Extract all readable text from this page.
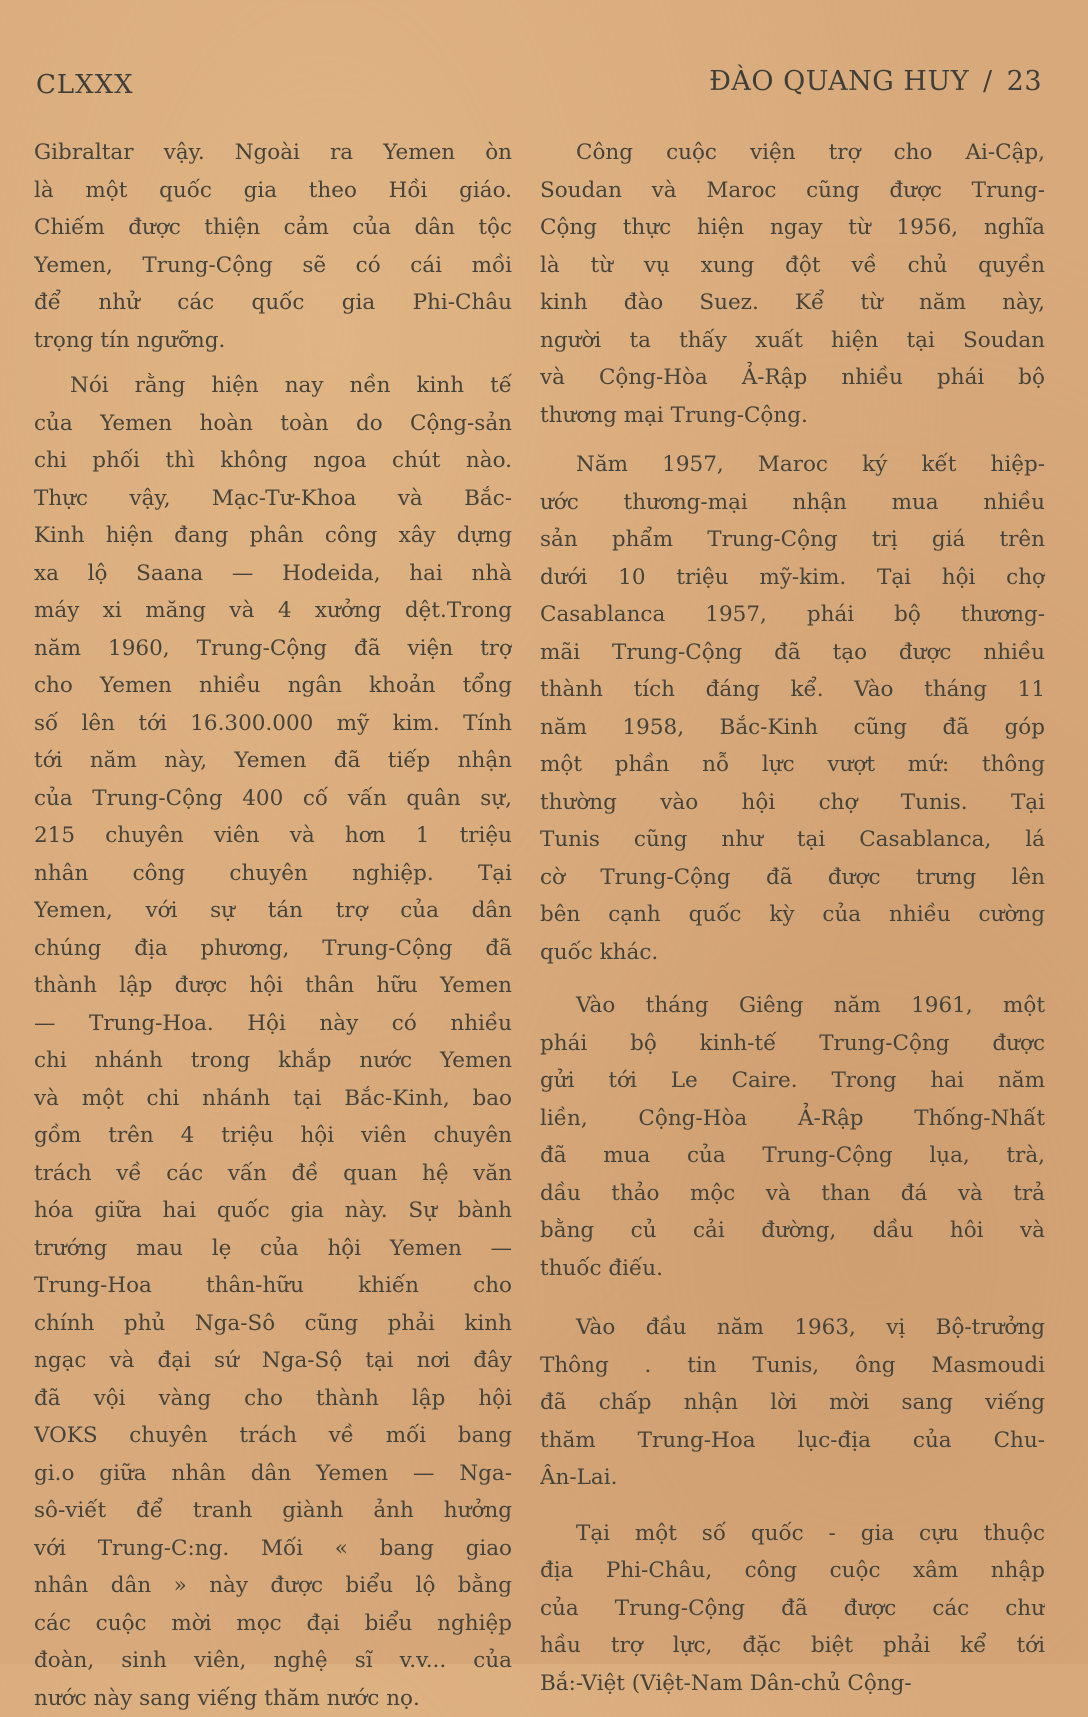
CLXXX	ĐÀO QUANG HUY / 23
Gibraltar vậy. Ngoài ra Yemen òn
là một quốc gia theo Hồi giáo.
Chiếm được thiện cảm của dân tộc
Yemen, Trung-Cộng sẽ có cái mồi
để nhử các quốc gia Phi-Châu
trọng tín ngưỡng.
Nói rằng hiện nay nền kinh tế
của Yemen hoàn toàn do Cộng-sản
chi phối thì không ngoa chút nào.
Thực vậy, Mạc-Tư-Khoa và Bắc-
Kinh hiện đang phân công xây dựng
xa lộ Saana — Hodeida, hai nhà
máy xi măng và 4 xưởng dệt.Trong
năm 1960, Trung-Cộng đã viện trợ
cho Yemen nhiều ngân khoản tổng
số lên tới 16.300.000 mỹ kim. Tính
tới năm này, Yemen đã tiếp nhận
của Trung-Cộng 400 cố vấn quân sự,
215 chuyên viên và hơn 1 triệu
nhân công chuyên nghiệp. Tại
Yemen, với sự tán trợ của dân
chúng địa phương, Trung-Cộng đã
thành lập được hội thân hữu Yemen
— Trung-Hoa. Hội này có nhiều
chi nhánh trong khắp nước Yemen
và một chi nhánh tại Bắc-Kinh, bao
gồm trên 4 triệu hội viên chuyên
trách về các vấn đề quan hệ văn
hóa giữa hai quốc gia này. Sự bành
trướng mau lẹ của hội Yemen —
Trung-Hoa thân-hữu khiến cho
chính phủ Nga-Sô cũng phải kinh
ngạc và đại sứ Nga-Sộ tại nơi đây
đã vội vàng cho thành lập hội
VOKS chuyên trách về mối bang
gi.o giữa nhân dân Yemen — Nga-
sô-viết để tranh giành ảnh hưởng
với Trung-C:ng. Mối « bang giao
nhân dân » này được biểu lộ bằng
các cuộc mời mọc đại biểu nghiệp
đoàn, sinh viên, nghệ sĩ v.v... của
nước này sang viếng thăm nước nọ.
Công cuộc viện trợ cho Ai-Cập,
Soudan và Maroc cũng được Trung-
Cộng thực hiện ngay từ 1956, nghĩa
là từ vụ xung đột về chủ quyền
kinh đào Suez. Kể từ năm này,
người ta thấy xuất hiện tại Soudan
và Cộng-Hòa Ả-Rập nhiều phái bộ
thương mại Trung-Cộng.
Năm 1957, Maroc ký kết hiệp-
ước thương-mại nhận mua nhiều
sản phẩm Trung-Cộng trị giá trên
dưới 10 triệu mỹ-kim. Tại hội chợ
Casablanca 1957, phái bộ thương-
mãi Trung-Cộng đã tạo được nhiều
thành tích đáng kể. Vào tháng 11
năm 1958, Bắc-Kinh cũng đã góp
một phần nỗ lực vượt mứ: thông
thường vào hội chợ Tunis. Tại
Tunis cũng như tại Casablanca, lá
cờ Trung-Cộng đã được trưng lên
bên cạnh quốc kỳ của nhiều cường
quốc khác.
Vào tháng Giêng năm 1961, một
phái bộ kinh-tế Trung-Cộng được
gửi tới Le Caire. Trong hai năm
liền, Cộng-Hòa Ả-Rập Thống-Nhất
đã mua của Trung-Cộng lụa, trà,
dầu thảo mộc và than đá và trả
bằng củ cải đường, dầu hôi và
thuốc điếu.
Vào đầu năm 1963, vị Bộ-trưởng
Thông . tin Tunis, ông Masmoudi
đã chấp nhận lời mời sang viếng
thăm Trung-Hoa lục-địa của Chu-
Ân-Lai.
Tại một số quốc - gia cựu thuộc
địa Phi-Châu, công cuộc xâm nhập
của Trung-Cộng đã được các chư
hầu trợ lực, đặc biệt phải kể tới
Bắ:-Việt (Việt-Nam Dân-chủ Cộng-
